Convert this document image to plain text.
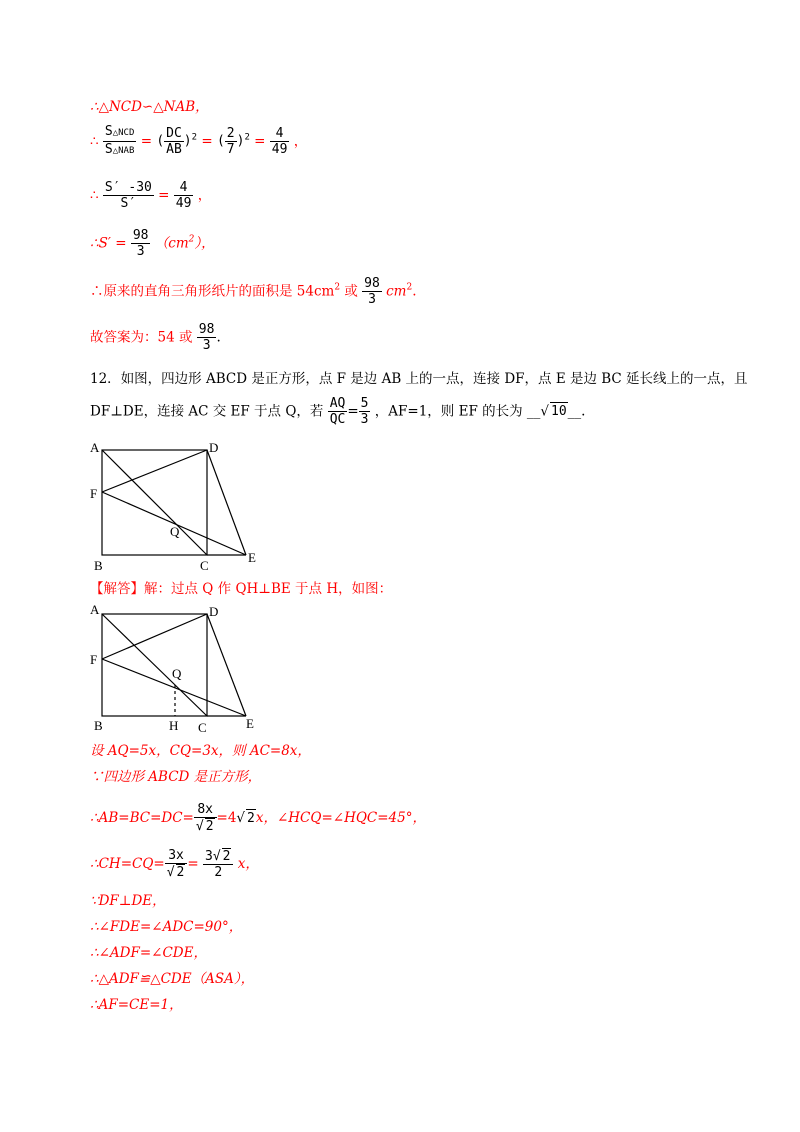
∴△NCD∽△NAB，
∴ $\frac{\text{S△NCD}}{\text{S△NAB}}$ = ( $\frac{DC}{AB} )^2$ = ( $\frac{2}{7} )^2 = \frac{4}{49}$ ，
∴ $\frac{S' -30}{S'} = \frac{4}{49}$ ，
∴S′ = $\frac{98}{3} (cm^2)$，
∴原来的直角三角形纸片的面积是 $54cm^2$ 或 $\frac{98}{3} cm^2$.
故答案为：54 或 $\frac{98}{3}$ .
12．如图，四边形 ABCD 是正方形，点 F 是边 AB 上的一点，连接 DF，点 E 是边 BC 延长线上的一点，且
DF⊥DE，连接 AC 交 EF 于点 Q，若 $\frac{AQ}{QC} = \frac{5}{3}$ ，AF=1，则 EF 的长为 __√ 10__.
A	D
F
Q
B	C
E
【解答】解：过点 Q 作 QH⊥BE 于点 H，如图：
A	D
F
Q
B	H C	E
设 AQ=5x，CQ=3x，则 AC=8x，
∵四边形 ABCD 是正方形，
∴AB=BC=DC= $\frac{8x}{√ 2} =4√$ 2x，∠HCQ=∠HQC=45°，
∴CH=CQ= $\frac{3x}{√ 2} = \frac{3√ 2}{2}$ x，
∵DF⊥DE，
∴∠FDE=∠ADC=90°，
∴∠ADF=∠CDE，
∴△ADF≌△CDE（ASA），
∴AF=CE=1，
